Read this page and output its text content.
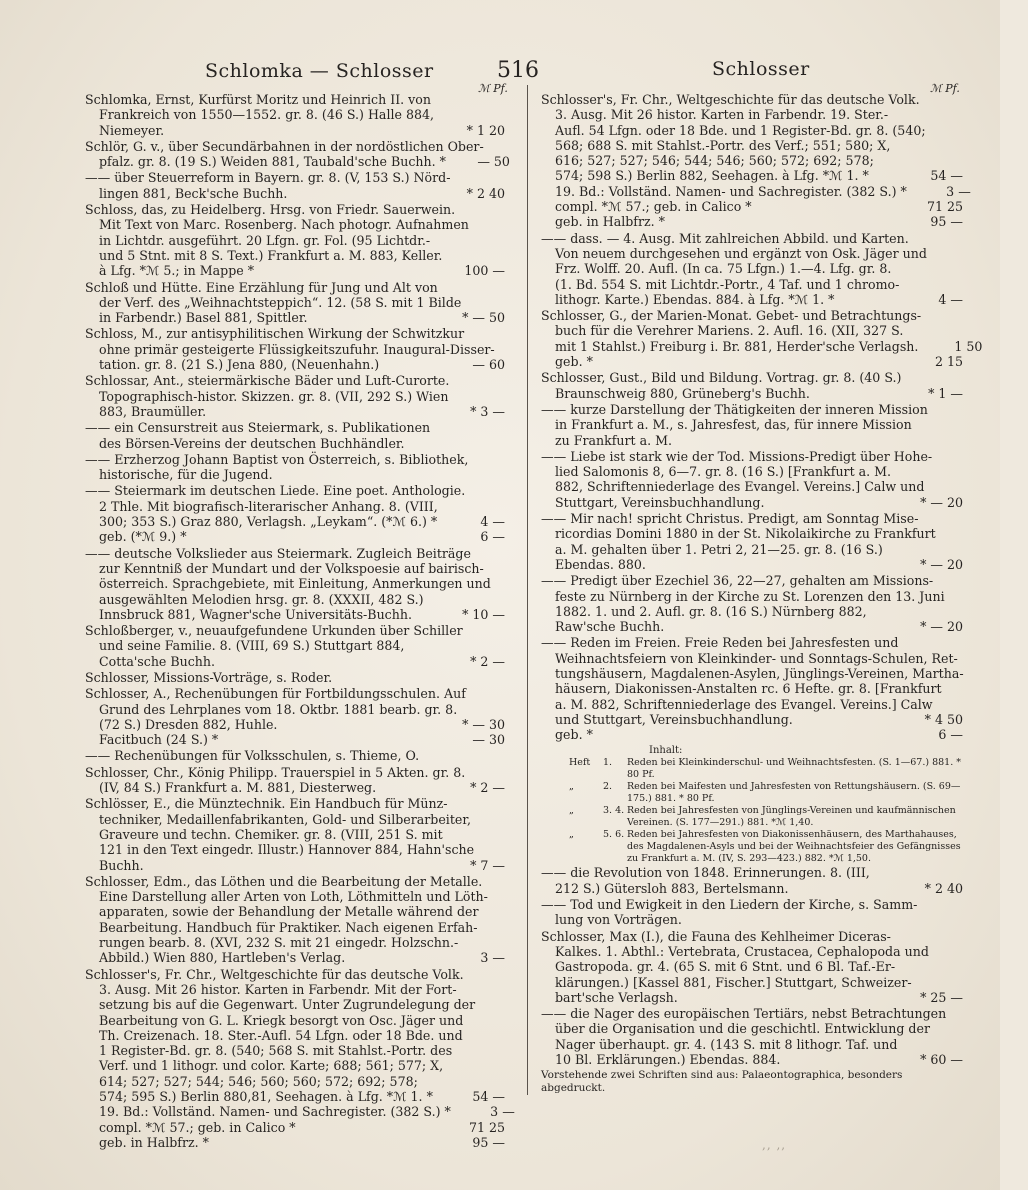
Schlomka — Schlosser	516	Schlosser
ℳ Pf.	ℳ Pf.
Schlomka, Ernst, Kurfürst Moritz und Heinrich II. von
Frankreich von 1550—1552. gr. 8. (46 S.) Halle 884,
Niemeyer.	* 1 20
Schlör, G. v., über Secundärbahnen in der nordöstlichen Ober-
pfalz. gr. 8. (19 S.) Weiden 881, Taubald'sche Buchh. *	— 50
—— über Steuerreform in Bayern. gr. 8. (V, 153 S.) Nörd-
lingen 881, Beck'sche Buchh.	* 2 40
Schloss, das, zu Heidelberg. Hrsg. von Friedr. Sauerwein.
Mit Text von Marc. Rosenberg. Nach photogr. Aufnahmen
in Lichtdr. ausgeführt. 20 Lfgn. gr. Fol. (95 Lichtdr.-
und 5 Stnt. mit 8 S. Text.) Frankfurt a. M. 883, Keller.
à Lfg. *ℳ 5.; in Mappe *	100 —
Schloß und Hütte. Eine Erzählung für Jung und Alt von
der Verf. des „Weihnachtsteppich“. 12. (58 S. mit 1 Bilde
in Farbendr.) Basel 881, Spittler.	* — 50
Schloss, M., zur antisyphilitischen Wirkung der Schwitzkur
ohne primär gesteigerte Flüssigkeitszufuhr. Inaugural-Disser-
tation. gr. 8. (21 S.) Jena 880, (Neuenhahn.)	— 60
Schlossar, Ant., steiermärkische Bäder und Luft-Curorte.
Topographisch-histor. Skizzen. gr. 8. (VII, 292 S.) Wien
883, Braumüller.	* 3 —
—— ein Censurstreit aus Steiermark, s. Publikationen
des Börsen-Vereins der deutschen Buchhändler.
—— Erzherzog Johann Baptist von Österreich, s. Bibliothek,
historische, für die Jugend.
—— Steiermark im deutschen Liede. Eine poet. Anthologie.
2 Thle. Mit biografisch-literarischer Anhang. 8. (VIII,
300; 353 S.) Graz 880, Verlagsh. „Leykam“. (*ℳ 6.) *	4 —
geb. (*ℳ 9.) *	6 —
—— deutsche Volkslieder aus Steiermark. Zugleich Beiträge
zur Kenntniß der Mundart und der Volkspoesie auf bairisch-
österreich. Sprachgebiete, mit Einleitung, Anmerkungen und
ausgewählten Melodien hrsg. gr. 8. (XXXII, 482 S.)
Innsbruck 881, Wagner'sche Universitäts-Buchh.	* 10 —
Schloßberger, v., neuaufgefundene Urkunden über Schiller
und seine Familie. 8. (VIII, 69 S.) Stuttgart 884,
Cotta'sche Buchh.	* 2 —
Schlosser, Missions-Vorträge, s. Roder.
Schlosser, A., Rechenübungen für Fortbildungsschulen. Auf
Grund des Lehrplanes vom 18. Oktbr. 1881 bearb. gr. 8.
(72 S.) Dresden 882, Huhle.	* — 30
Facitbuch (24 S.) *	— 30
—— Rechenübungen für Volksschulen, s. Thieme, O.
Schlosser, Chr., König Philipp. Trauerspiel in 5 Akten. gr. 8.
(IV, 84 S.) Frankfurt a. M. 881, Diesterweg.	* 2 —
Schlösser, E., die Münztechnik. Ein Handbuch für Münz-
techniker, Medaillenfabrikanten, Gold- und Silberarbeiter,
Graveure und techn. Chemiker. gr. 8. (VIII, 251 S. mit
121 in den Text eingedr. Illustr.) Hannover 884, Hahn'sche
Buchh.	* 7 —
Schlosser, Edm., das Löthen und die Bearbeitung der Metalle.
Eine Darstellung aller Arten von Loth, Löthmitteln und Löth-
apparaten, sowie der Behandlung der Metalle während der
Bearbeitung. Handbuch für Praktiker. Nach eigenen Erfah-
rungen bearb. 8. (XVI, 232 S. mit 21 eingedr. Holzschn.-
Abbild.) Wien 880, Hartleben's Verlag.	3 —
Schlosser's, Fr. Chr., Weltgeschichte für das deutsche Volk.
3. Ausg. Mit 26 histor. Karten in Farbendr. Mit der Fort-
setzung bis auf die Gegenwart. Unter Zugrundelegung der
Bearbeitung von G. L. Kriegk besorgt von Osc. Jäger und
Th. Creizenach. 18. Ster.-Aufl. 54 Lfgn. oder 18 Bde. und
1 Register-Bd. gr. 8. (540; 568 S. mit Stahlst.-Portr. des
Verf. und 1 lithogr. und color. Karte; 688; 561; 577; X,
614; 527; 527; 544; 546; 560; 560; 572; 692; 578;
574; 595 S.) Berlin 880,81, Seehagen. à Lfg. *ℳ 1. *	54 —
19. Bd.: Vollständ. Namen- und Sachregister. (382 S.) *	3 —
compl. *ℳ 57.; geb. in Calico *	71 25
geb. in Halbfrz. *	95 —
Schlosser's, Fr. Chr., Weltgeschichte für das deutsche Volk.
3. Ausg. Mit 26 histor. Karten in Farbendr. 19. Ster.-
Aufl. 54 Lfgn. oder 18 Bde. und 1 Register-Bd. gr. 8. (540;
568; 688 S. mit Stahlst.-Portr. des Verf.; 551; 580; X,
616; 527; 527; 546; 544; 546; 560; 572; 692; 578;
574; 598 S.) Berlin 882, Seehagen. à Lfg. *ℳ 1. *	54 —
19. Bd.: Vollständ. Namen- und Sachregister. (382 S.) *	3 —
compl. *ℳ 57.; geb. in Calico *	71 25
geb. in Halbfrz. *	95 —
—— dass. — 4. Ausg. Mit zahlreichen Abbild. und Karten.
Von neuem durchgesehen und ergänzt von Osk. Jäger und
Frz. Wolff. 20. Aufl. (In ca. 75 Lfgn.) 1.—4. Lfg. gr. 8.
(1. Bd. 554 S. mit Lichtdr.-Portr., 4 Taf. und 1 chromo-
lithogr. Karte.) Ebendas. 884. à Lfg. *ℳ 1. *	4 —
Schlosser, G., der Marien-Monat. Gebet- und Betrachtungs-
buch für die Verehrer Mariens. 2. Aufl. 16. (XII, 327 S.
mit 1 Stahlst.) Freiburg i. Br. 881, Herder'sche Verlagsh.	1 50
geb. *	2 15
Schlosser, Gust., Bild und Bildung. Vortrag. gr. 8. (40 S.)
Braunschweig 880, Grüneberg's Buchh.	* 1 —
—— kurze Darstellung der Thätigkeiten der inneren Mission
in Frankfurt a. M., s. Jahresfest, das, für innere Mission
zu Frankfurt a. M.
—— Liebe ist stark wie der Tod. Missions-Predigt über Hohe-
lied Salomonis 8, 6—7. gr. 8. (16 S.) [Frankfurt a. M.
882, Schriftenniederlage des Evangel. Vereins.] Calw und
Stuttgart, Vereinsbuchhandlung.	* — 20
—— Mir nach! spricht Christus. Predigt, am Sonntag Mise-
ricordias Domini 1880 in der St. Nikolaikirche zu Frankfurt
a. M. gehalten über 1. Petri 2, 21—25. gr. 8. (16 S.)
Ebendas. 880.	* — 20
—— Predigt über Ezechiel 36, 22—27, gehalten am Missions-
feste zu Nürnberg in der Kirche zu St. Lorenzen den 13. Juni
1882. 1. und 2. Aufl. gr. 8. (16 S.) Nürnberg 882,
Raw'sche Buchh.	* — 20
—— Reden im Freien. Freie Reden bei Jahresfesten und
Weihnachtsfeiern von Kleinkinder- und Sonntags-Schulen, Ret-
tungshäusern, Magdalenen-Asylen, Jünglings-Vereinen, Martha-
häusern, Diakonissen-Anstalten rc. 6 Hefte. gr. 8. [Frankfurt
a. M. 882, Schriftenniederlage des Evangel. Vereins.] Calw
und Stuttgart, Vereinsbuchhandlung.	* 4 50
geb. *	6 —
Inhalt:
Heft	1.	Reden bei Kleinkinderschul- und Weihnachtsfesten. (S. 1—67.) 881. * 80 Pf.
„	2.	Reden bei Maifesten und Jahresfesten von Rettungshäusern. (S. 69—175.) 881. * 80 Pf.
„	3. 4. Reden bei Jahresfesten von Jünglings-Vereinen und kaufmännischen Vereinen. (S. 177—291.) 881. *ℳ 1,40.
„	5. 6. Reden bei Jahresfesten von Diakonissenhäusern, des Marthahauses, des Magdalenen-Asyls und bei der Weihnachtsfeier des Gefängnisses zu Frankfurt a. M. (IV, S. 293—423.) 882. *ℳ 1,50.
—— die Revolution von 1848. Erinnerungen. 8. (III,
212 S.) Gütersloh 883, Bertelsmann.	* 2 40
—— Tod und Ewigkeit in den Liedern der Kirche, s. Samm-
lung von Vorträgen.
Schlosser, Max (I.), die Fauna des Kehlheimer Diceras-
Kalkes. 1. Abthl.: Vertebrata, Crustacea, Cephalopoda und
Gastropoda. gr. 4. (65 S. mit 6 Stnt. und 6 Bl. Taf.-Er-
klärungen.) [Kassel 881, Fischer.] Stuttgart, Schweizer-
bart'sche Verlagsh.	* 25 —
—— die Nager des europäischen Tertiärs, nebst Betrachtungen
über die Organisation und die geschichtl. Entwicklung der
Nager überhaupt. gr. 4. (143 S. mit 8 lithogr. Taf. und
10 Bl. Erklärungen.) Ebendas. 884.	* 60 —
Vorstehende zwei Schriften sind aus: Palaeontographica, besonders abgedruckt.
,, ,,
